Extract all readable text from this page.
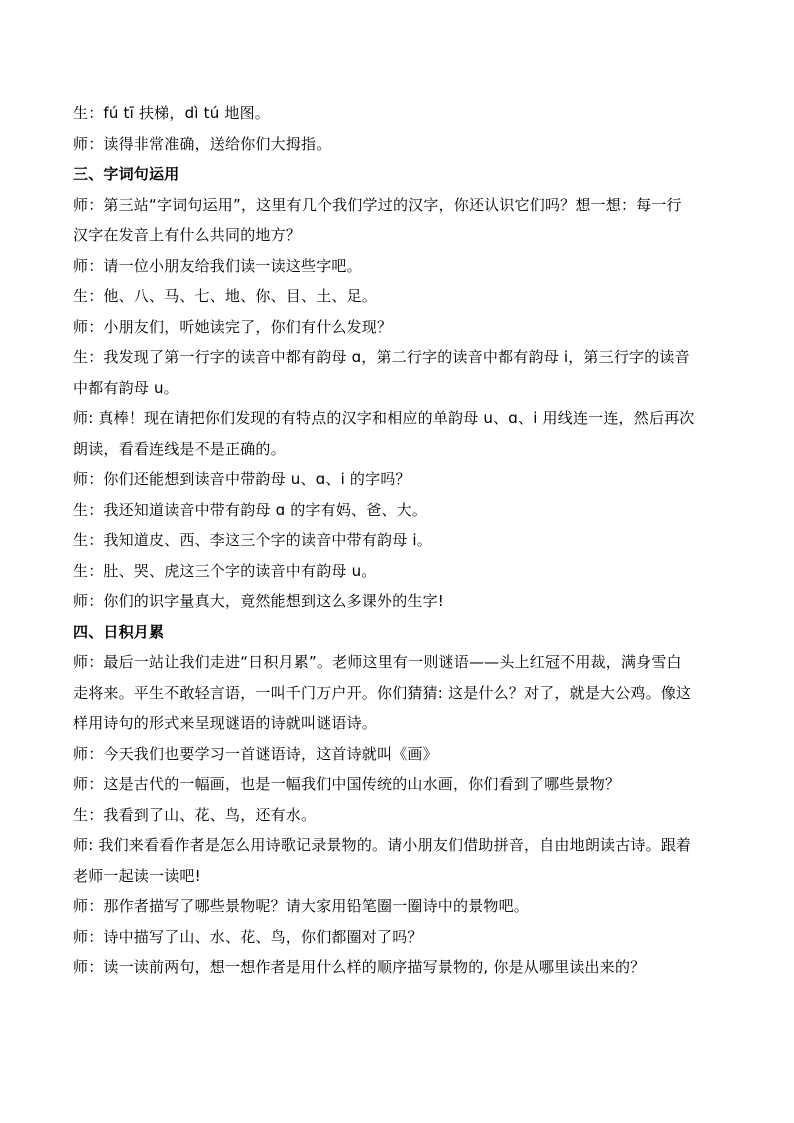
生：fú tī 扶梯，dì tú 地图。
师：读得非常准确，送给你们大拇指。
三、字词句运用
师：第三站“字词句运用”，这里有几个我们学过的汉字，你还认识它们吗？想一想：每一行
汉字在发音上有什么共同的地方？
师：请一位小朋友给我们读一读这些字吧。
生：他、八、马、七、地、你、目、土、足。
师：小朋友们，听她读完了，你们有什么发现？
生：我发现了第一行字的读音中都有韵母 ɑ，第二行字的读音中都有韵母 i，第三行字的读音
中都有韵母 u。
师: 真棒！现在请把你们发现的有特点的汉字和相应的单韵母 u、ɑ、i 用线连一连，然后再次
朗读，看看连线是不是正确的。
师：你们还能想到读音中带韵母 u、ɑ、i 的字吗？
生：我还知道读音中带有韵母 ɑ 的字有妈、爸、大。
生：我知道皮、西、李这三个字的读音中带有韵母 i。
生：肚、哭、虎这三个字的读音中有韵母 u。
师：你们的识字量真大，竟然能想到这么多课外的生字!
四、日积月累
师：最后一站让我们走进“日积月累”。老师这里有一则谜语——头上红冠不用裁，满身雪白
走将来。平生不敢轻言语，一叫千门万户开。你们猜猜: 这是什么？对了，就是大公鸡。像这
样用诗句的形式来呈现谜语的诗就叫谜语诗。
师：今天我们也要学习一首谜语诗，这首诗就叫《画》
师：这是古代的一幅画，也是一幅我们中国传统的山水画，你们看到了哪些景物？
生：我看到了山、花、鸟，还有水。
师: 我们来看看作者是怎么用诗歌记录景物的。请小朋友们借助拼音，自由地朗读古诗。跟着
老师一起读一读吧!
师：那作者描写了哪些景物呢？请大家用铅笔圈一圈诗中的景物吧。
师：诗中描写了山、水、花、鸟，你们都圈对了吗？
师：读一读前两句，想一想作者是用什么样的顺序描写景物的, 你是从哪里读出来的？
